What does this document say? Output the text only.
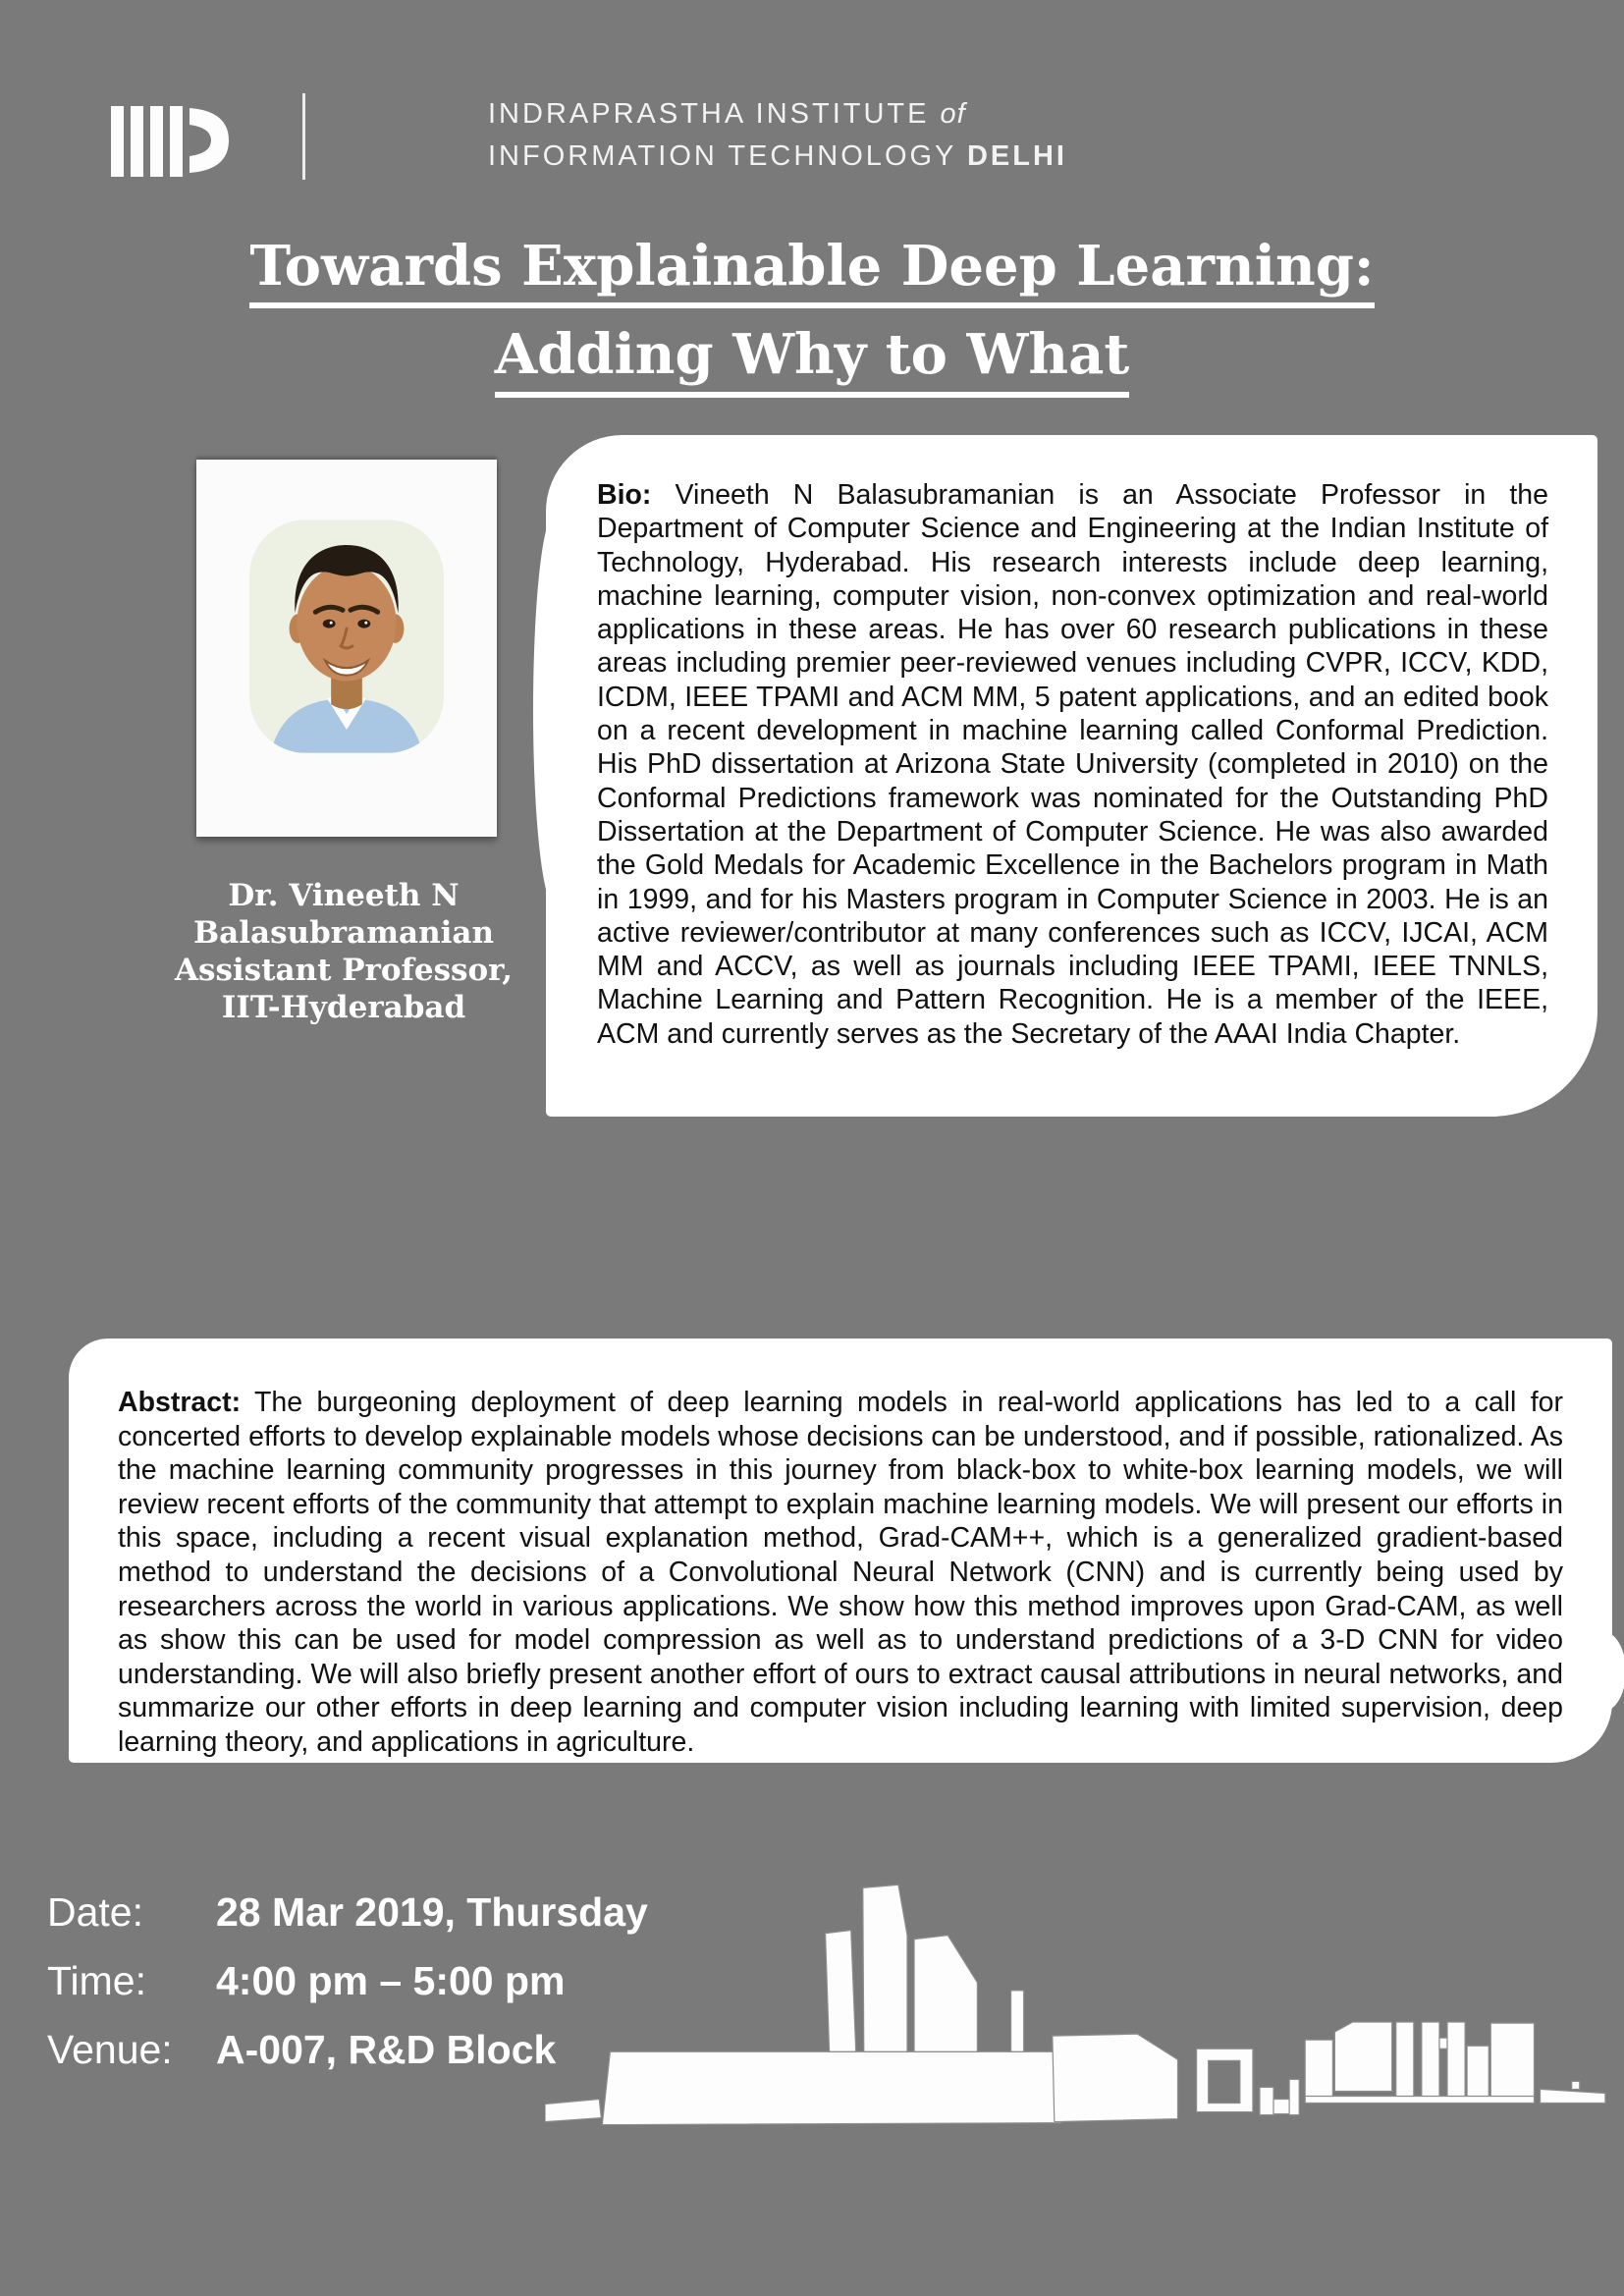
INDRAPRASTHA INSTITUTE of
INFORMATION TECHNOLOGY DELHI
Towards Explainable Deep Learning:
Adding Why to What
Dr. Vineeth N
Balasubramanian
Assistant Professor,
IIT-Hyderabad
Bio: Vineeth N Balasubramanian is an Associate Professor in the Department of Computer Science and Engineering at the Indian Institute of Technology, Hyderabad. His research interests include deep learning, machine learning, computer vision, non-convex optimization and real-world applications in these areas. He has over 60 research publications in these areas including premier peer-reviewed venues including CVPR, ICCV, KDD, ICDM, IEEE TPAMI and ACM MM, 5 patent applications, and an edited book on a recent development in machine learning called Conformal Prediction. His PhD dissertation at Arizona State University (completed in 2010) on the Conformal Predictions framework was nominated for the Outstanding PhD Dissertation at the Department of Computer Science. He was also awarded the Gold Medals for Academic Excellence in the Bachelors program in Math in 1999, and for his Masters program in Computer Science in 2003. He is an active reviewer/contributor at many conferences such as ICCV, IJCAI, ACM MM and ACCV, as well as journals including IEEE TPAMI, IEEE TNNLS, Machine Learning and Pattern Recognition. He is a member of the IEEE, ACM and currently serves as the Secretary of the AAAI India Chapter.
Abstract: The burgeoning deployment of deep learning models in real-world applications has led to a call for concerted efforts to develop explainable models whose decisions can be understood, and if possible, rationalized. As the machine learning community progresses in this journey from black-box to white-box learning models, we will review recent efforts of the community that attempt to explain machine learning models. We will present our efforts in this space, including a recent visual explanation method, Grad-CAM++, which is a generalized gradient-based method to understand the decisions of a Convolutional Neural Network (CNN) and is currently being used by researchers across the world in various applications. We show how this method improves upon Grad-CAM, as well as show this can be used for model compression as well as to understand predictions of a 3-D CNN for video understanding. We will also briefly present another effort of ours to extract causal attributions in neural networks, and summarize our other efforts in deep learning and computer vision including learning with limited supervision, deep learning theory, and applications in agriculture.
Date:	28 Mar 2019, Thursday
Time:	4:00 pm – 5:00 pm
Venue:	A-007, R&D Block
